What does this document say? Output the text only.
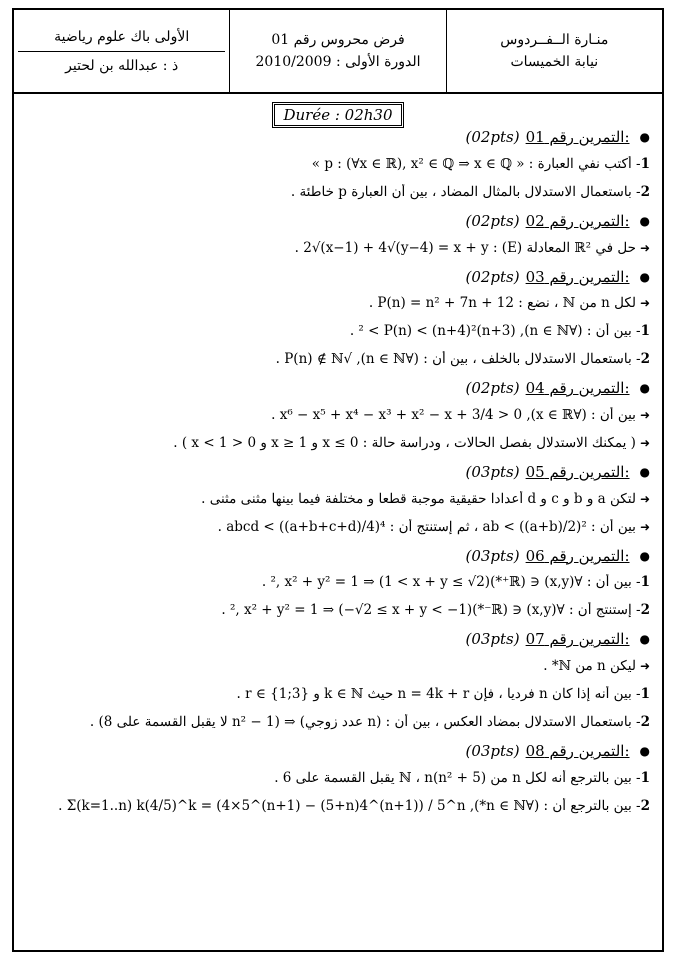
منـارة الــفــردوس
نيابة الخميسات
فرض محروس رقم 01
الدورة الأولى : 2010/2009
الأولى باك علوم رياضية
ذ : عبدالله بن لحتير
Durée : 02h30
(02pts) التمرين رقم 01: ●
1- أكتب نفي العبارة : « p : (∀x ∈ ℝ), x² ∈ ℚ ⇒ x ∈ ℚ »
2- باستعمال الاستدلال بالمثال المضاد ، بين أن العبارة p خاطئة .
(02pts) التمرين رقم 02: ●
➜حل في ℝ² المعادلة (E) : 2√(x−1) + 4√(y−4) = x + y .
(02pts) التمرين رقم 03: ●
➜لكل n من ℕ ، نضع : P(n) = n² + 7n + 12 .
1- بين أن : (∀n ∈ ℕ), (n+3)² < P(n) < (n+4)² .
2- باستعمال الاستدلال بالخلف ، بين أن : (∀n ∈ ℕ), √P(n) ∉ ℕ .
(02pts) التمرين رقم 04: ●
➜بين أن : (∀x ∈ ℝ), x⁶ − x⁵ + x⁴ − x³ + x² − x + 3/4 > 0 .
➜( يمكنك الاستدلال بفصل الحالات ، ودراسة حالة : x ≤ 0 و x ≥ 1 و 0 < x < 1 ) .
(03pts) التمرين رقم 05: ●
➜لتكن a و b و c و d أعدادا حقيقية موجبة قطعا و مختلفة فيما بينها مثنى مثنى .
➜بين أن : ab < ((a+b)/2)² ، ثم إستنتج أن : abcd < ((a+b+c+d)/4)⁴ .
(03pts) التمرين رقم 06: ●
1- بين أن : ∀(x,y) ∈ (ℝ⁺*)², x² + y² = 1 ⇒ (1 < x + y ≤ √2) .
2- إستنتج أن : ∀(x,y) ∈ (ℝ⁻*)², x² + y² = 1 ⇒ (−√2 ≤ x + y < −1) .
(03pts) التمرين رقم 07: ●
➜ليكن n من ℕ* .
1- بين أنه إذا كان n فرديا ، فإن n = 4k + r حيث k ∈ ℕ و r ∈ {1;3} .
2- باستعمال الاستدلال بمضاد العكس ، بين أن : (n عدد زوجي) ⇒ (n² − 1 لا يقبل القسمة على 8) .
(03pts) التمرين رقم 08: ●
1- بين بالترجع أنه لكل n من ℕ ، n(n² + 5) يقبل القسمة على 6 .
2- بين بالترجع أن : (∀n ∈ ℕ*), Σ(k=1..n) k(4/5)^k = (4×5^(n+1) − (5+n)4^(n+1)) / 5^n .
